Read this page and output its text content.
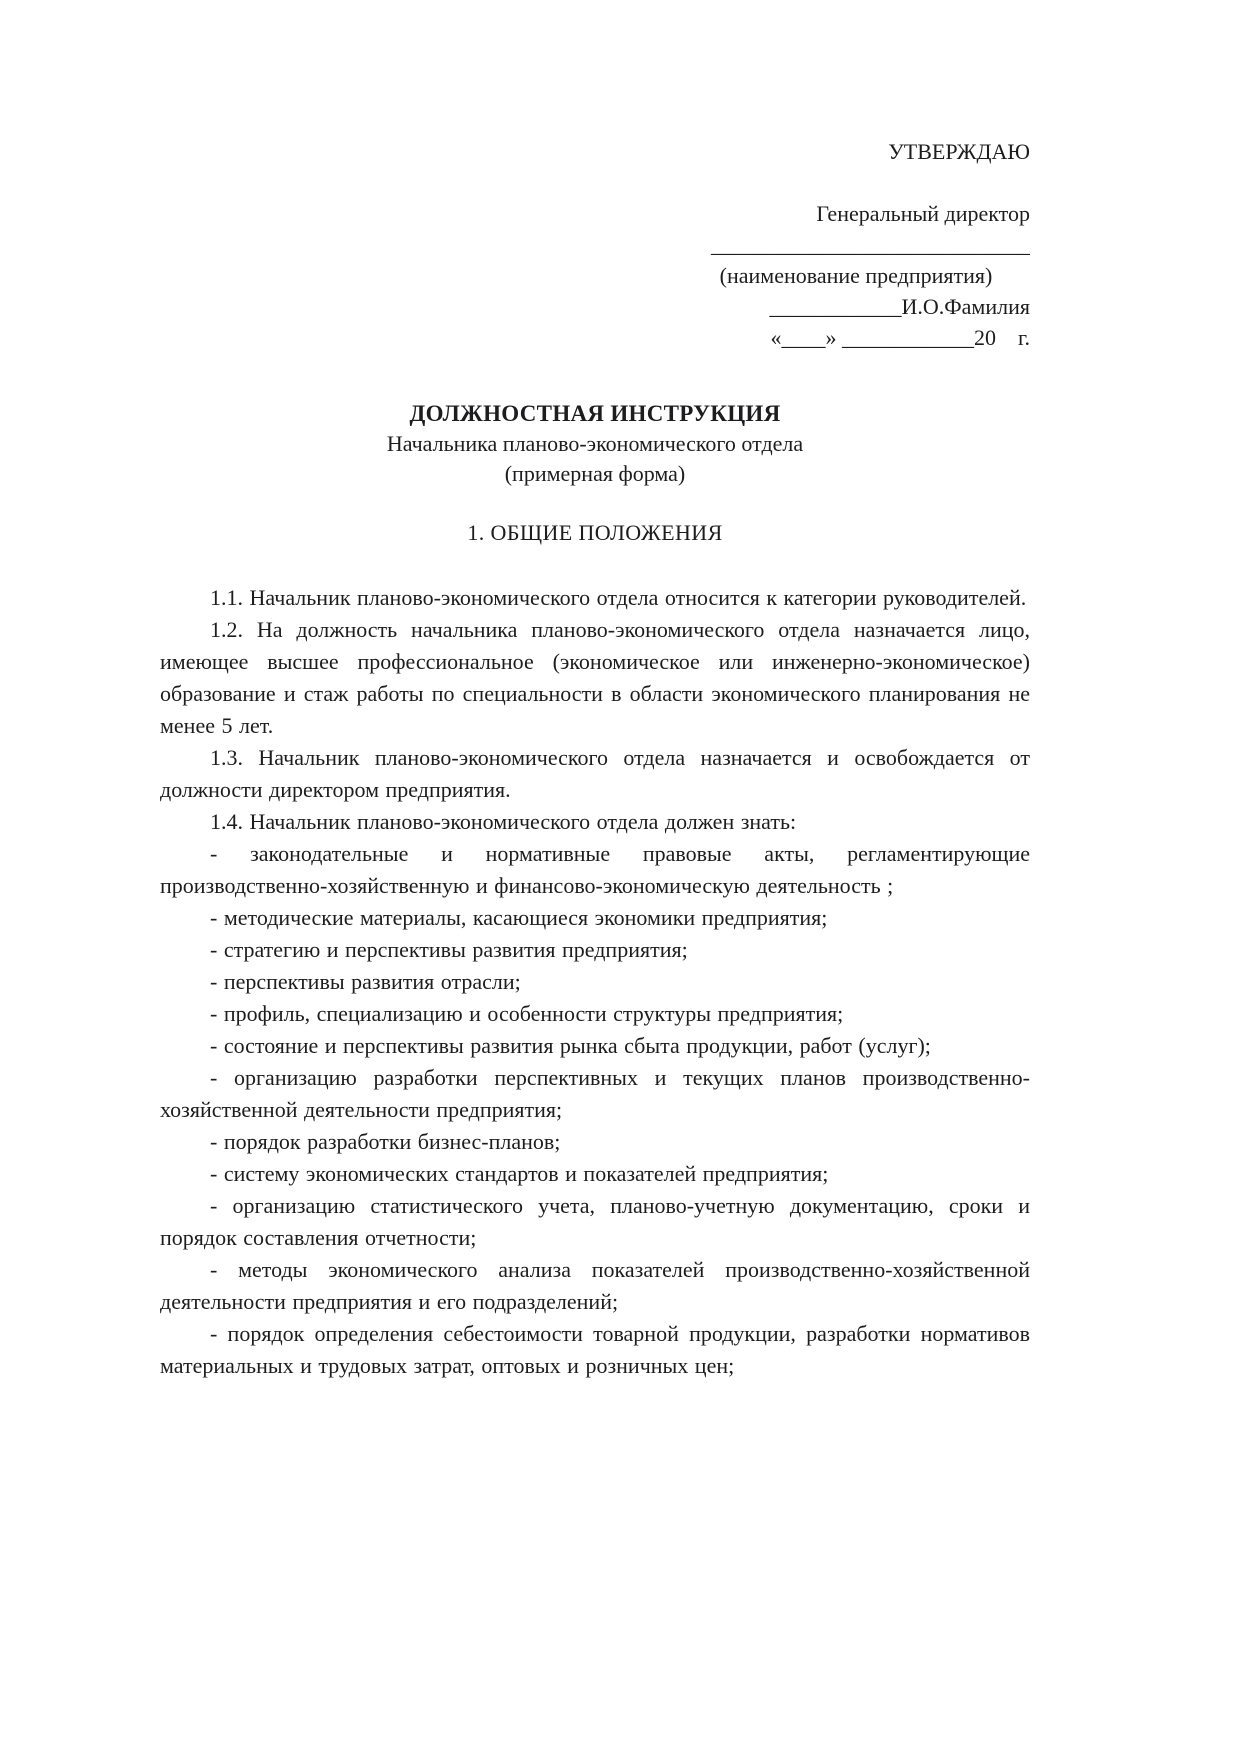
УТВЕРЖДАЮ
Генеральный директор
_____________________________
(наименование предприятия)
____________И.О.Фамилия
«____» ____________20    г.
ДОЛЖНОСТНАЯ ИНСТРУКЦИЯ
Начальника планово-экономического отдела
(примерная форма)
1. ОБЩИЕ ПОЛОЖЕНИЯ

1.1. Начальник планово-экономического отдела относится к категории руководителей.

1.2. На должность начальника планово-экономического отдела назначается лицо, имеющее высшее профессиональное (экономическое или инженерно-экономическое) образование и стаж работы по специальности в области экономического планирования не менее 5 лет.

1.3. Начальник планово-экономического отдела назначается и освобождается от должности директором предприятия.

1.4. Начальник планово-экономического отдела должен знать:

- законодательные и нормативные правовые акты, регламентирующие производственно-хозяйственную и финансово-экономическую деятельность ;

- методические материалы, касающиеся экономики предприятия;

- стратегию и перспективы развития предприятия;

- перспективы развития отрасли;

- профиль, специализацию и особенности структуры предприятия;

- состояние и перспективы развития рынка сбыта продукции, работ (услуг);

- организацию разработки перспективных и текущих планов производственно-хозяйственной деятельности предприятия;

- порядок разработки бизнес-планов;

- систему экономических стандартов и показателей предприятия;

- организацию статистического учета, планово-учетную документацию, сроки и порядок составления отчетности;

- методы экономического анализа показателей производственно-хозяйственной деятельности предприятия и его подразделений;

- порядок определения себестоимости товарной продукции, разработки нормативов материальных и трудовых затрат, оптовых и розничных цен;
